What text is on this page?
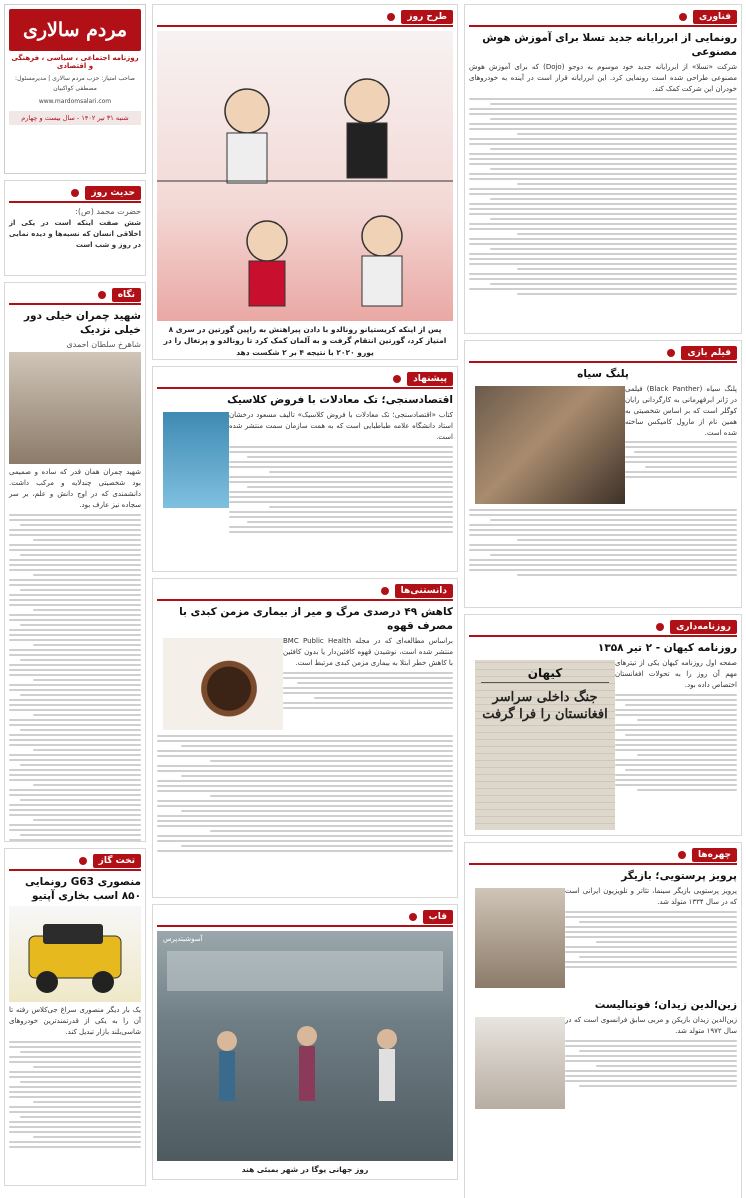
فناوری
رونمایی از ابررایانه جدید تسلا برای آموزش هوش مصنوعی
شرکت «تسلا» از ابررایانه جدید خود موسوم به دوجو (Dojo) که برای آموزش هوش مصنوعی طراحی شده است رونمایی کرد. این ابررایانه قرار است در آینده به خودروهای خودران این شرکت کمک کند.
فیلم بازی
پلنگ سیاه
پلنگ سیاه (Black Panther) فیلمی در ژانر ابرقهرمانی به کارگردانی رایان کوگلر است که بر اساس شخصیتی به همین نام از مارول کامیکس ساخته شده است.
روزنامه‌داری
روزنامه کیهان - ۲ تیر ۱۳۵۸
کیهان
جنگ داخلی سراسر افغانستان را فرا گرفت
صفحه اول روزنامه کیهان یکی از تیترهای مهم آن روز را به تحولات افغانستان اختصاص داده بود.
چهره‌ها
پرویز پرستویی؛ بازیگر
پرویز پرستویی بازیگر سینما، تئاتر و تلویزیون ایرانی است که در سال ۱۳۳۴ متولد شد.
زین‌الدین زیدان؛ فوتبالیست
زین‌الدین زیدان بازیکن و مربی سابق فرانسوی است که در سال ۱۹۷۲ متولد شد.
طرح روز
پس از اینکه کریستیانو رونالدو با دادن پیراهنش به راپین گورتین در سری ۸ امتیاز کرد، گورتین انتقام گرفت و به آلمان کمک کرد تا رونالدو و پرتغال را در یورو ۲۰۲۰ با نتیجه ۴ بر ۲ شکست دهد
پیشنهاد
اقتصادسنجی؛ تک معادلات با فروض کلاسیک
کتاب «اقتصادسنجی؛ تک معادلات با فروض کلاسیک» تالیف مسعود درخشان استاد دانشگاه علامه طباطبایی است که به همت سازمان سمت منتشر شده است.
دانستنی‌ها
کاهش ۴۹ درصدی مرگ و میر از بیماری مزمن کبدی با مصرف قهوه
براساس مطالعه‌ای که در مجله BMC Public Health منتشر شده است، نوشیدن قهوه کافئین‌دار یا بدون کافئین با کاهش خطر ابتلا به بیماری مزمن کبدی مرتبط است.
قاب
آسوشیتدپرس
روز جهانی یوگا در شهر بمبئی هند
مردم سالاری
روزنامه اجتماعی ، سیاسی ، فرهنگی و اقتصادی
صاحب امتیاز: حزب مردم سالاری | مدیرمسئول: مصطفی کواکبیان
www.mardomsalari.com
شنبه ۳۱ تیر ۱۴۰۲ - سال بیست و چهارم
حدیث روز
حضرت محمد (ص):
شش صفت اینکه است در یکی از اخلاقی انسان که نسیه‌ها و دیده نمایی در روز و شب است
نگاه
شهید چمران خیلی دور خیلی نزدیک
شاهرخ سلطان احمدی
شهید چمران همان قدر که ساده و صمیمی بود شخصیتی چندلایه و مرکب داشت. دانشمندی که در اوج دانش و علم، بر سر سجاده نیز عارف بود.
تخت گاز
منصوری G63 رونمایی ۸۵۰ اسب بخاری آپتیو
یک بار دیگر منصوری سراغ جی‌کلاس رفته تا آن را به یکی از قدرتمندترین خودروهای شاسی‌بلند بازار تبدیل کند.
